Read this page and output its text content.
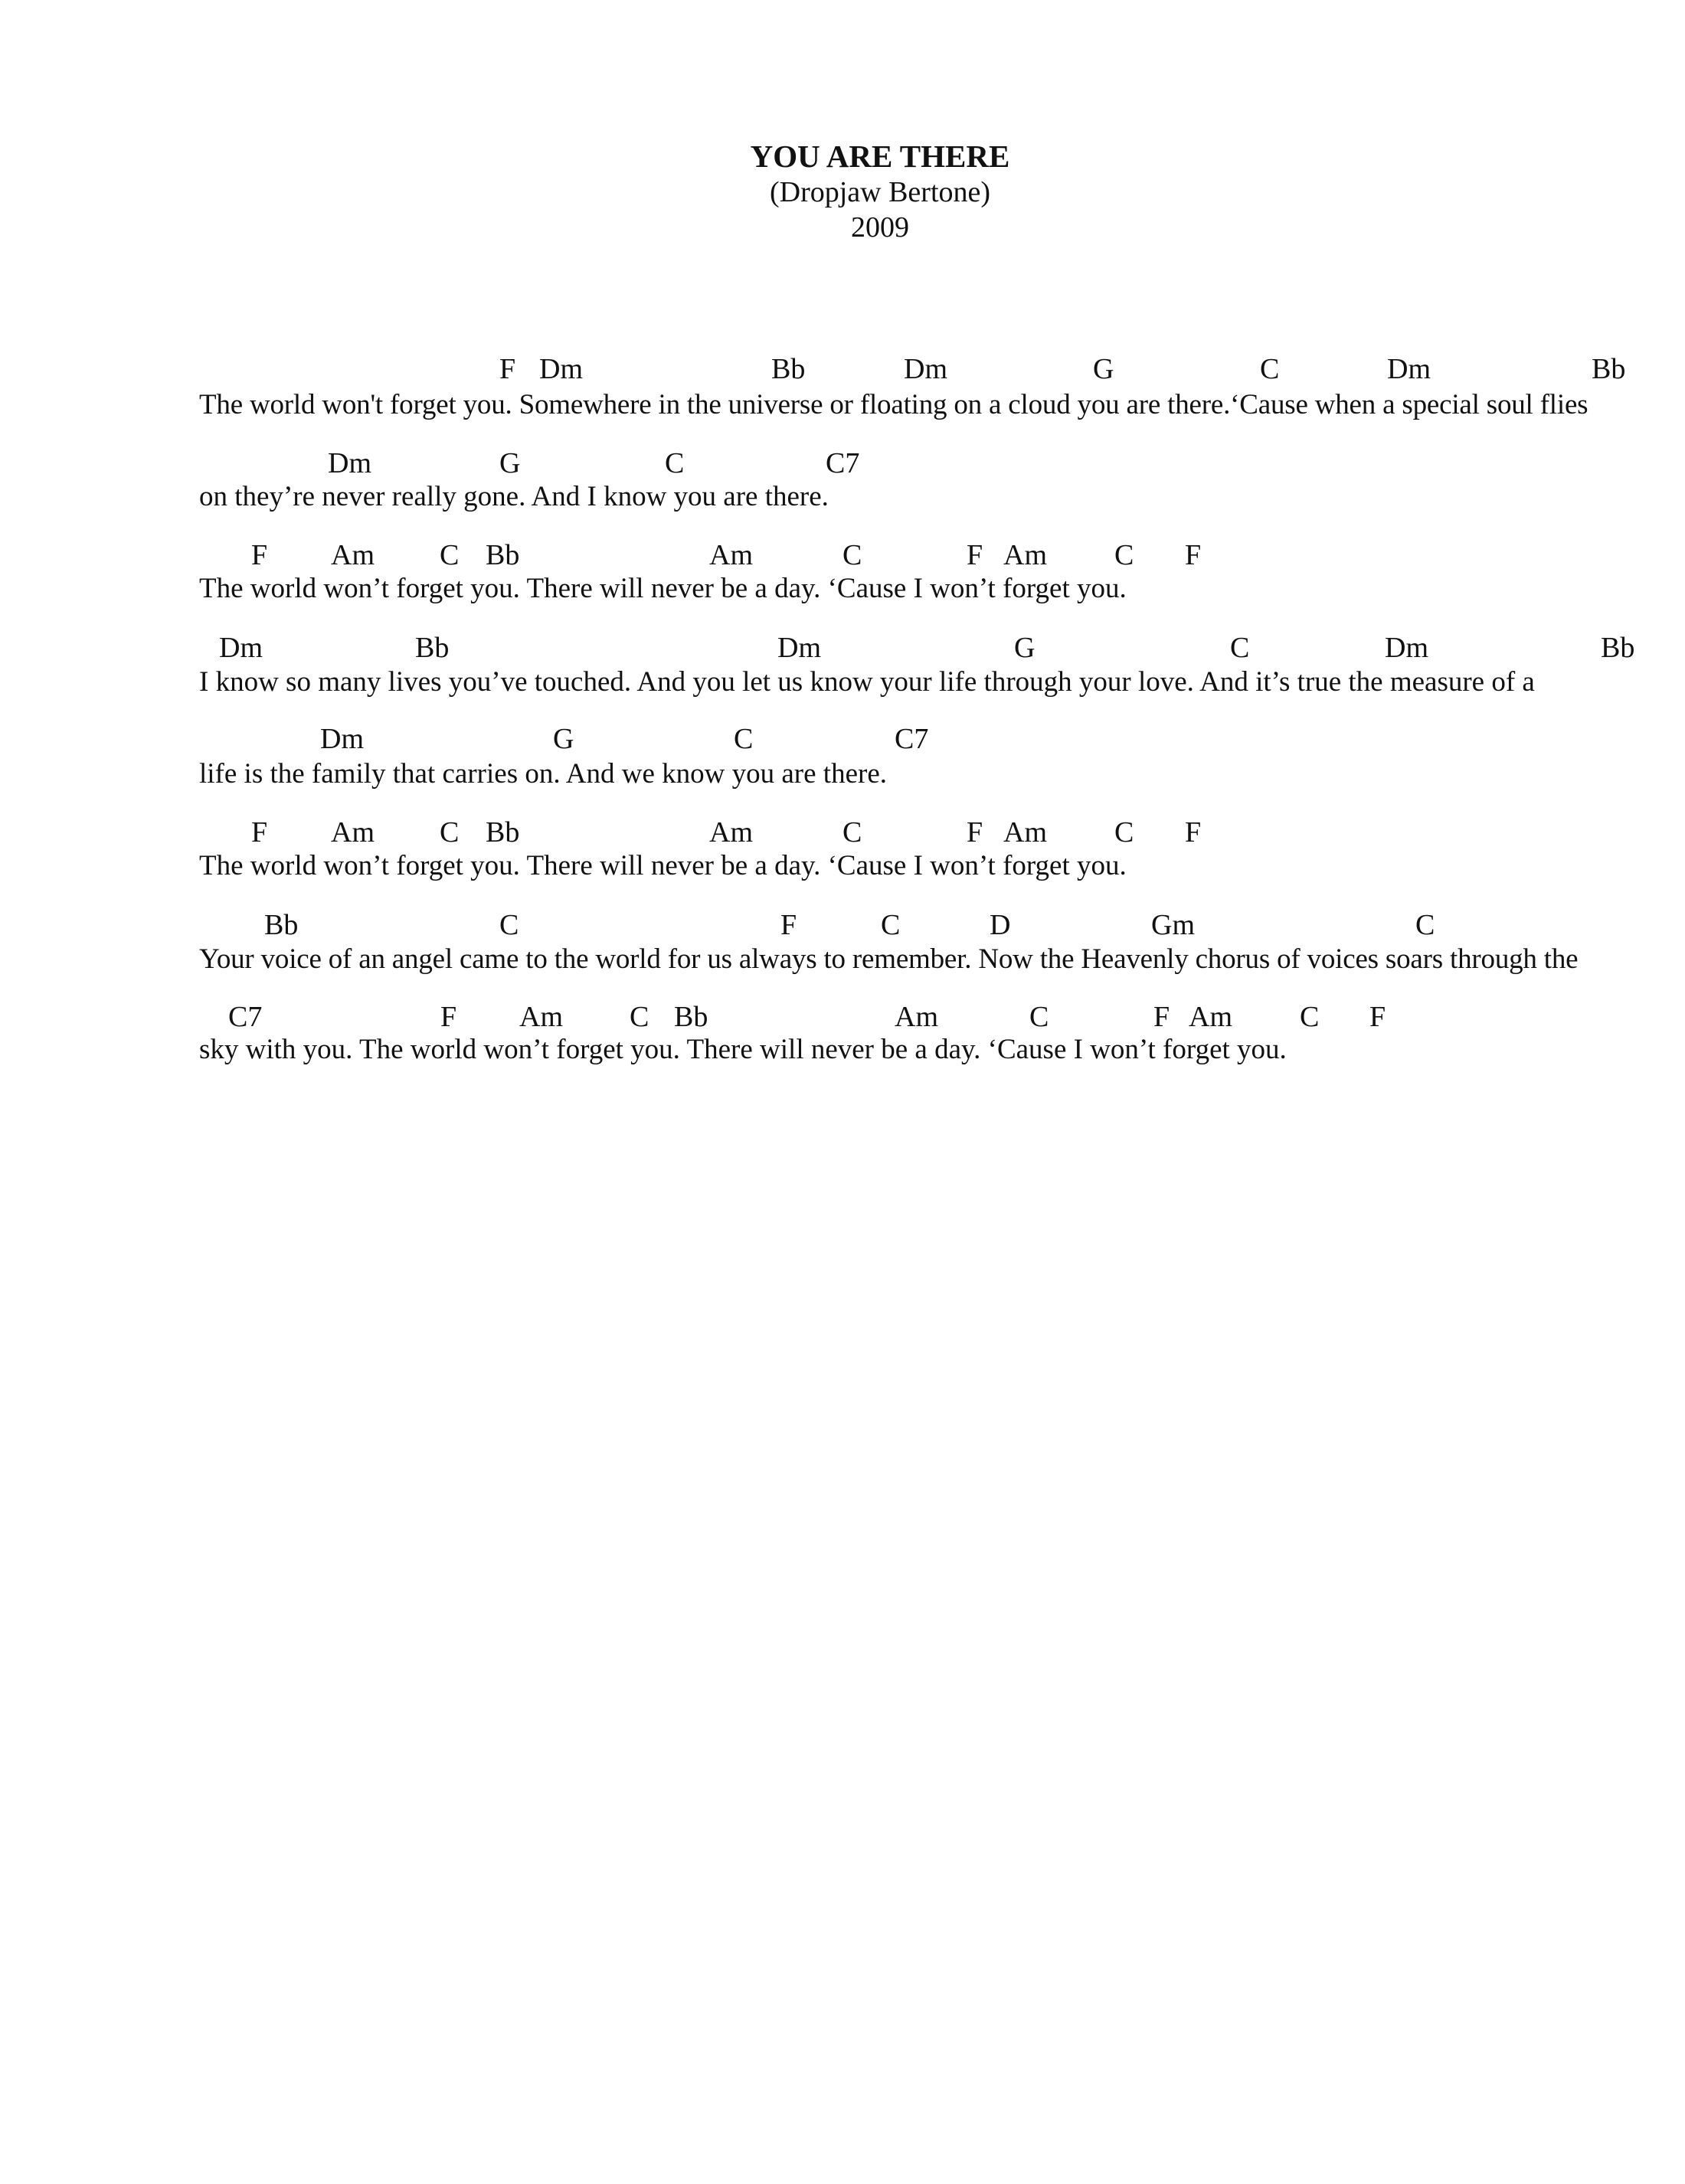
YOU ARE THERE
(Dropjaw Bertone)
2009
F Dm	Bb	Dm	G	C	Dm	Bb
The world won't forget you. Somewhere in the universe or floating on a cloud you are there.‘Cause when a special soul flies
Dm	G	C	C7
on they’re never really gone. And I know you are there.
F Am C Bb	Am	C	F Am C F
The world won’t forget you. There will never be a day. ‘Cause I won’t forget you.
Dm	Bb	Dm	G	C	Dm	Bb
I know so many lives you’ve touched. And you let us know your life through your love. And it’s true the measure of a
Dm	G	C	C7
life is the family that carries on. And we know you are there.
F Am C Bb	Am	C	F Am C F
The world won’t forget you. There will never be a day. ‘Cause I won’t forget you.
Bb	C	F	C	D	Gm	C
Your voice of an angel came to the world for us always to remember. Now the Heavenly chorus of voices soars through the
C7	F Am C Bb	Am	C	F Am C F
sky with you. The world won’t forget you. There will never be a day. ‘Cause I won’t forget you.
